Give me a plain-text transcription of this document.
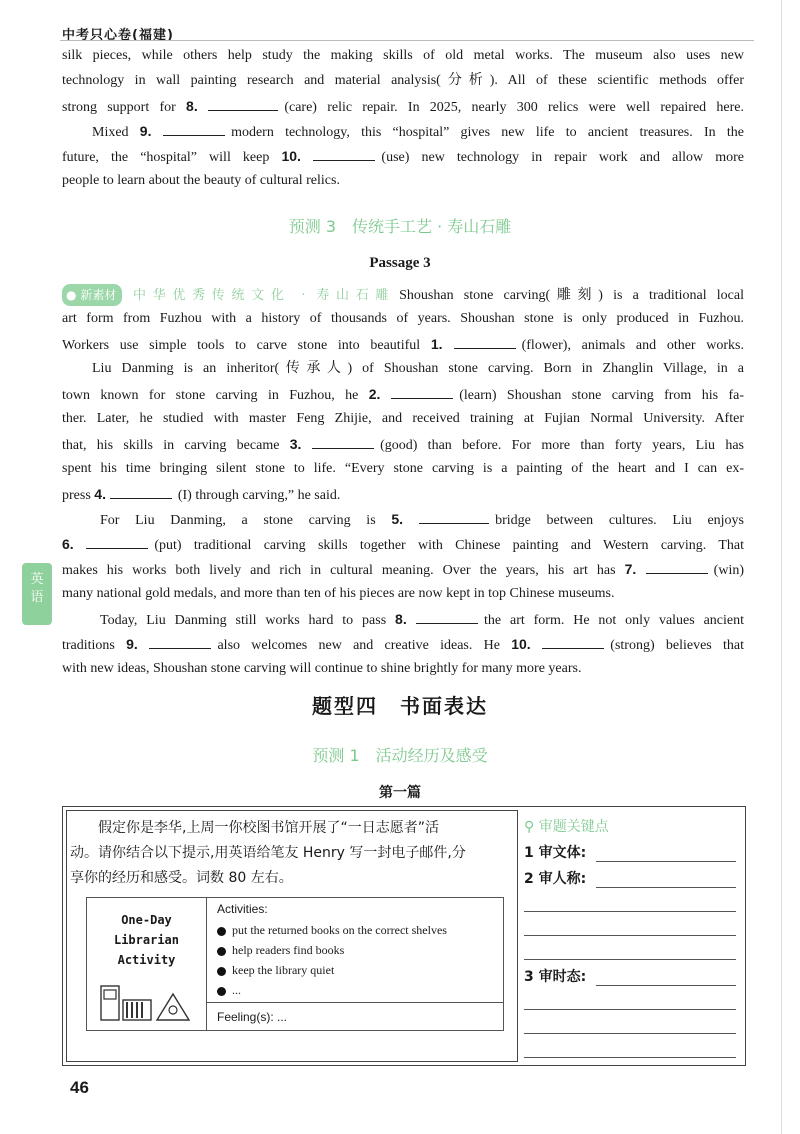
中考只心卷(福建)
silk pieces, while others help study the making skills of old metal works. The museum also uses new
technology in wall painting research and material analysis(分析). All of these scientific methods offer
strong support for 8.	(care) relic repair. In 2025, nearly 300 relics were well repaired here.
Mixed 9.	modern technology, this “hospital” gives new life to ancient treasures. In the
future, the “hospital” will keep 10.	(use) new technology in repair work and allow more
people to learn about the beauty of cultural relics.
预测 3　传统手工艺 · 寿山石雕
Passage 3
● 新素材 中华优秀传统文化 · 寿山石雕 Shoushan stone carving(雕刻) is a traditional local
art form from Fuzhou with a history of thousands of years. Shoushan stone is only produced in Fuzhou.
Workers use simple tools to carve stone into beautiful 1.	(flower), animals and other works.
Liu Danming is an inheritor(传承人) of Shoushan stone carving. Born in Zhanglin Village, in a
town known for stone carving in Fuzhou, he 2.	(learn) Shoushan stone carving from his fa-
ther. Later, he studied with master Feng Zhijie, and received training at Fujian Normal University. After
that, his skills in carving became 3.	(good) than before. For more than forty years, Liu has
spent his time bringing silent stone to life. “Every stone carving is a painting of the heart and I can ex-
press 4.	(I) through carving,” he said.
For Liu Danming, a stone carving is 5.	bridge between cultures. Liu enjoys
6.	(put) traditional carving skills together with Chinese painting and Western carving. That
makes his works both lively and rich in cultural meaning. Over the years, his art has 7.	(win)
many national gold medals, and more than ten of his pieces are now kept in top Chinese museums.
Today, Liu Danming still works hard to pass 8.	the art form. He not only values ancient
traditions 9.	also welcomes new and creative ideas. He 10.	(strong) believes that
with new ideas, Shoushan stone carving will continue to shine brightly for many more years.
英
语
题型四　书面表达
预测 1　活动经历及感受
第一篇
假定你是李华,上周一你校图书馆开展了“一日志愿者”活
动。请你结合以下提示,用英语给笔友 Henry 写一封电子邮件,分
享你的经历和感受。词数 80 左右。
One-Day
Librarian
Activity
Activities:
put the returned books on the correct shelves
help readers find books
keep the library quiet
...
Feeling(s): ...
⚲ 审题关键点
1 审文体:
2 审人称:
3 审时态:
46
